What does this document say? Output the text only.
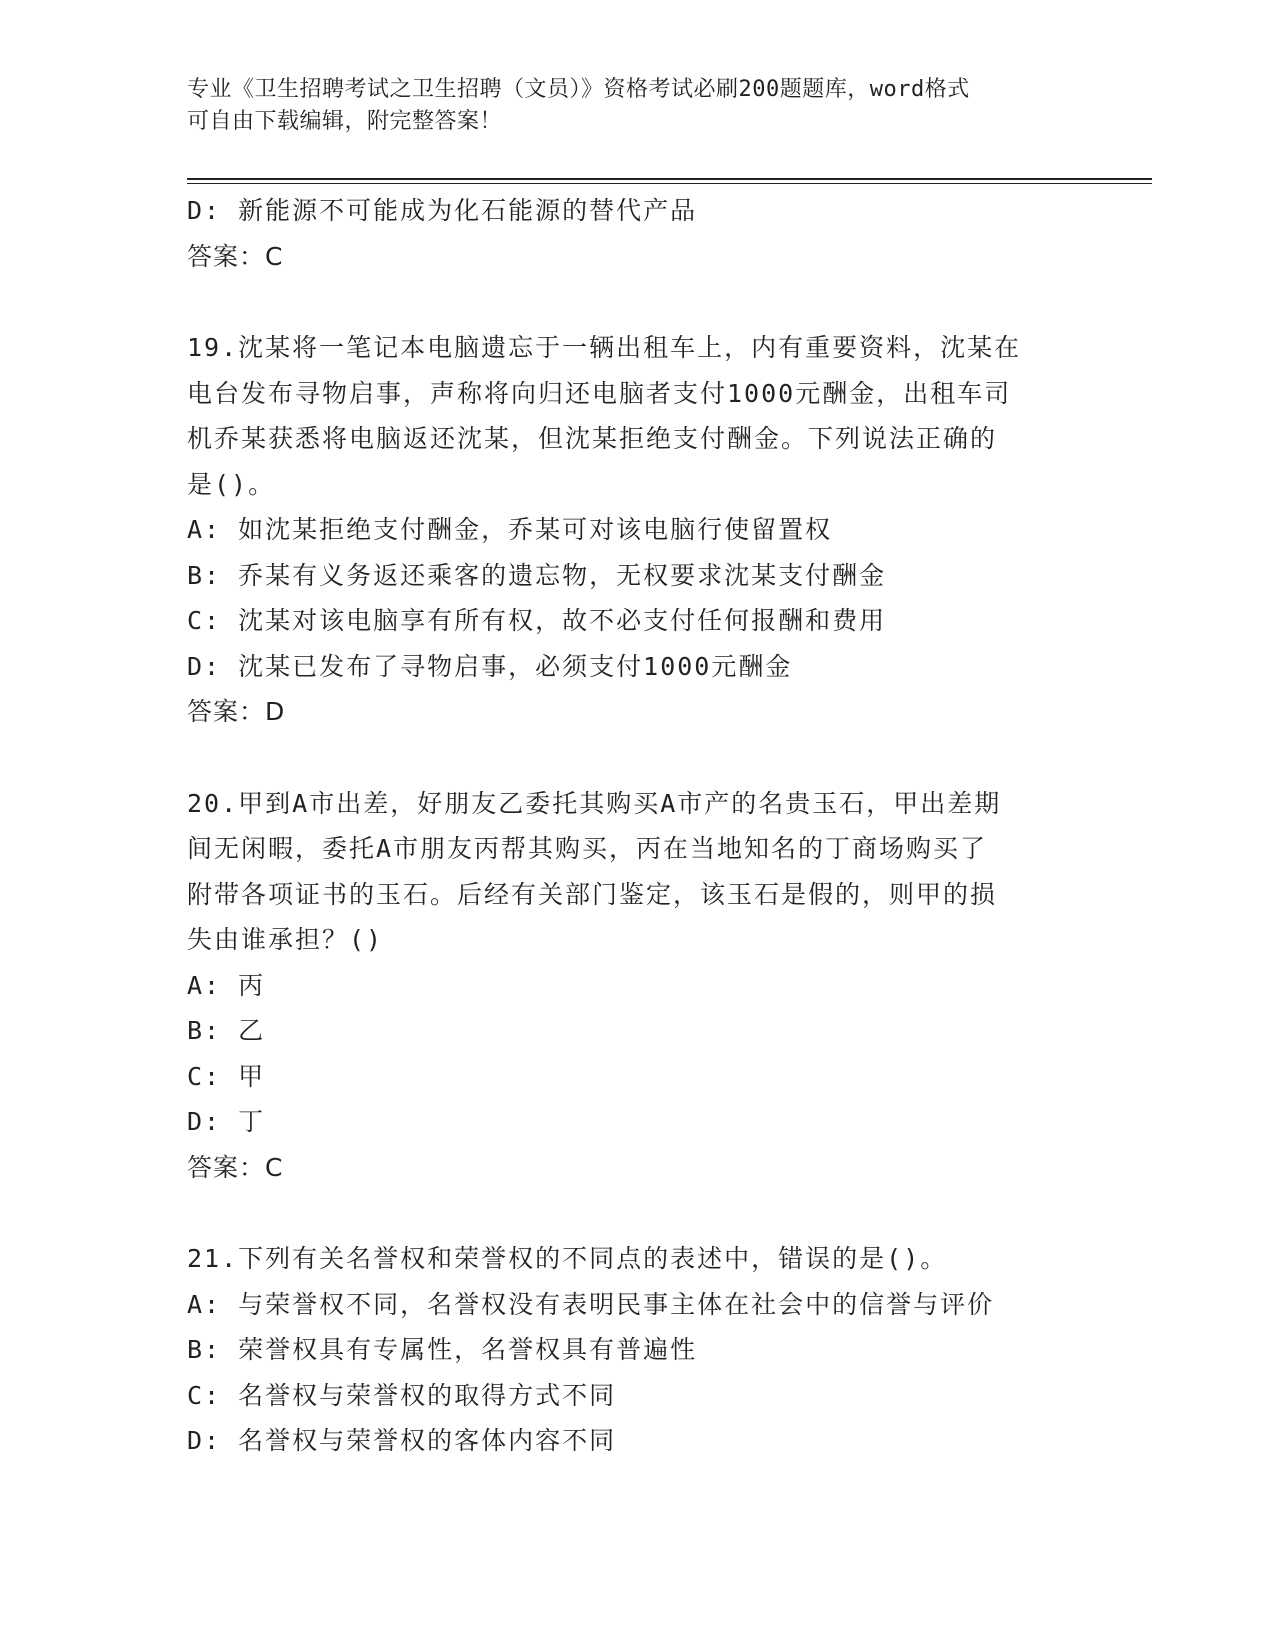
专业《卫生招聘考试之卫生招聘（文员）》资格考试必刷200题题库，word格式
可自由下载编辑，附完整答案！
D: 新能源不可能成为化石能源的替代产品
答案：C
19.沈某将一笔记本电脑遗忘于一辆出租车上，内有重要资料，沈某在
电台发布寻物启事，声称将向归还电脑者支付1000元酬金，出租车司
机乔某获悉将电脑返还沈某，但沈某拒绝支付酬金。下列说法正确的
是()。
A: 如沈某拒绝支付酬金，乔某可对该电脑行使留置权
B: 乔某有义务返还乘客的遗忘物，无权要求沈某支付酬金
C: 沈某对该电脑享有所有权，故不必支付任何报酬和费用
D: 沈某已发布了寻物启事，必须支付1000元酬金
答案：D
20.甲到A市出差，好朋友乙委托其购买A市产的名贵玉石，甲出差期
间无闲暇，委托A市朋友丙帮其购买，丙在当地知名的丁商场购买了
附带各项证书的玉石。后经有关部门鉴定，该玉石是假的，则甲的损
失由谁承担？()
A: 丙
B: 乙
C: 甲
D: 丁
答案：C
21.下列有关名誉权和荣誉权的不同点的表述中，错误的是()。
A: 与荣誉权不同，名誉权没有表明民事主体在社会中的信誉与评价
B: 荣誉权具有专属性，名誉权具有普遍性
C: 名誉权与荣誉权的取得方式不同
D: 名誉权与荣誉权的客体内容不同
